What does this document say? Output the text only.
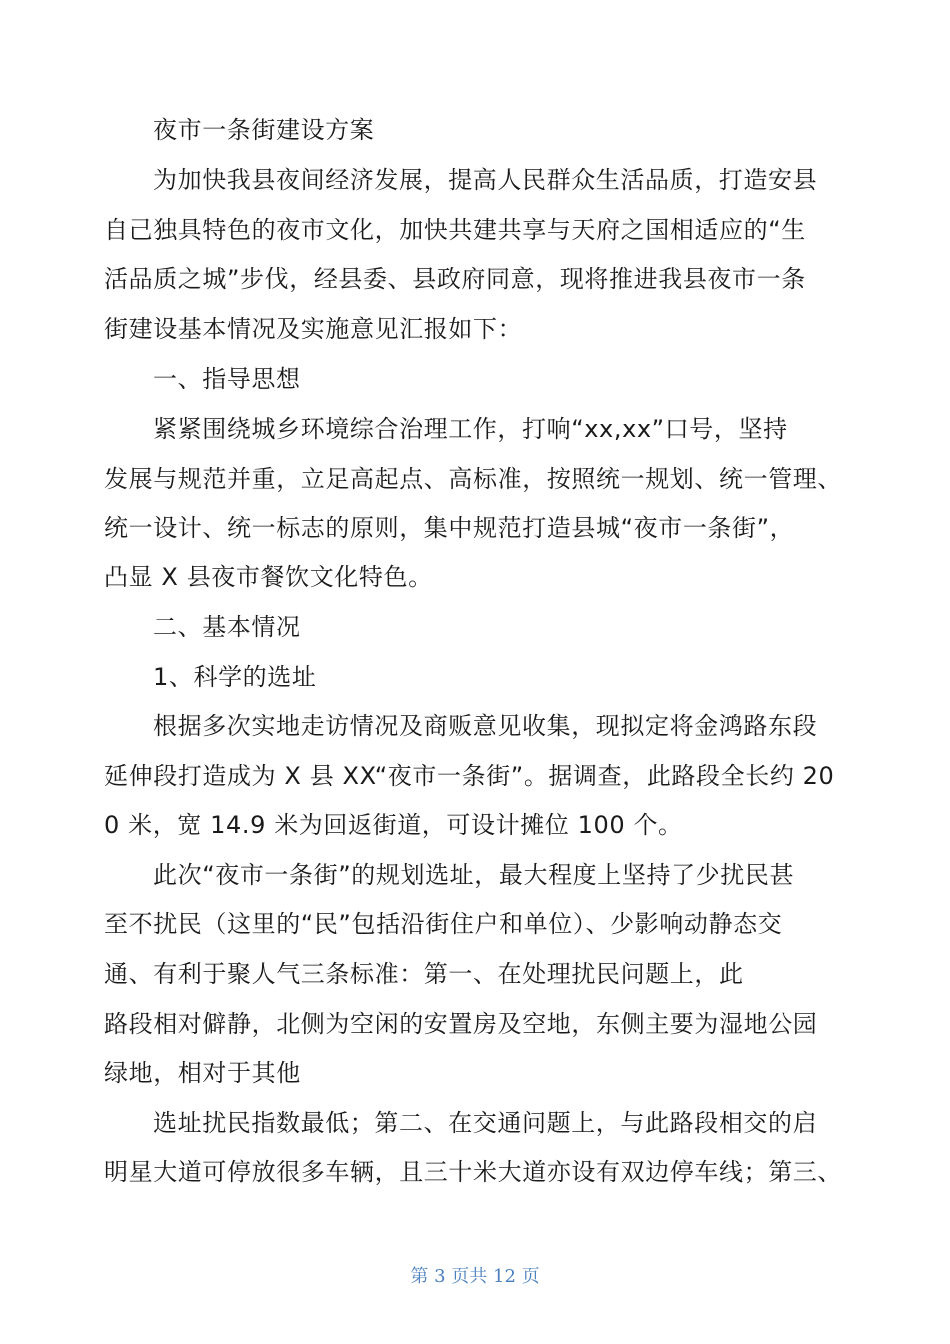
夜市一条街建设方案
为加快我县夜间经济发展，提高人民群众生活品质，打造安县
自己独具特色的夜市文化，加快共建共享与天府之国相适应的“生
活品质之城”步伐，经县委、县政府同意，现将推进我县夜市一条
街建设基本情况及实施意见汇报如下：
一、指导思想
紧紧围绕城乡环境综合治理工作，打响“xx,xx”口号，坚持
发展与规范并重，立足高起点、高标准，按照统一规划、统一管理、
统一设计、统一标志的原则，集中规范打造县城“夜市一条街”，
凸显 X 县夜市餐饮文化特色。
二、基本情况
1、科学的选址
根据多次实地走访情况及商贩意见收集，现拟定将金鸿路东段
延伸段打造成为 X 县 XX“夜市一条街”。据调查，此路段全长约 20
0 米，宽 14.9 米为回返街道，可设计摊位 100 个。
此次“夜市一条街”的规划选址，最大程度上坚持了少扰民甚
至不扰民（这里的“民”包括沿街住户和单位）、少影响动静态交
通、有利于聚人气三条标准：第一、在处理扰民问题上，此
路段相对僻静，北侧为空闲的安置房及空地，东侧主要为湿地公园
绿地，相对于其他
选址扰民指数最低；第二、在交通问题上，与此路段相交的启
明星大道可停放很多车辆，且三十米大道亦设有双边停车线；第三、
第 3 页共 12 页
